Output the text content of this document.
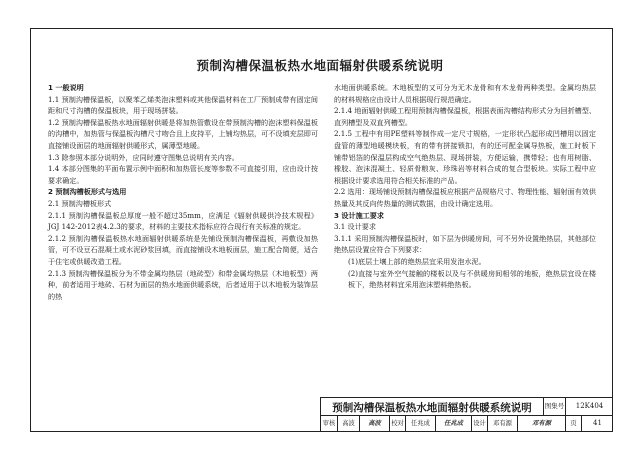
预制沟槽保温板热水地面辐射供暖系统说明

1 一般说明

1.1 预制沟槽保温板，以聚苯乙烯类泡沫塑料或其他保温材料在工厂预制成带有固定间距和尺寸沟槽的保温板块，用于现场拼装。

1.2 预制沟槽保温板热水地面辐射供暖是将加热管敷设在带预制沟槽的泡沫塑料保温板的沟槽中，加热管与保温板沟槽尺寸吻合且上皮持平，上铺均热层，可不设填充层即可直接铺设面层的地面辐射供暖形式，属薄型地暖。

1.3 除参照本部分说明外，应同时遵守图集总说明有关内容。

1.4 本部分图集的平面布置示例中面积和加热管长度等参数不可直接引用，应由设计按要求确定。

2 预制沟槽板形式与选用

2.1 预制沟槽板形式

2.1.1 预制沟槽保温板总厚度一般不超过35mm，应满足《辐射供暖供冷技术规程》JGJ 142-2012表4.2.3的要求，材料的主要技术指标应符合现行有关标准的规定。

2.1.2 预制沟槽保温板热水地面辐射供暖系统是先铺设预制沟槽保温板，再敷设加热管，可不设豆石混凝土或水泥砂浆回填，而直接铺设木地板面层，施工配合简便，适合于住宅或供暖改造工程。

2.1.3 预制沟槽保温板分为不带金属均热层（地砖型）和带金属均热层（木地板型）两种，前者适用于地砖、石材为面层的热水地面供暖系统，后者适用于以木地板为装饰层的热

水地面供暖系统。木地板型的又可分为无木龙骨和有木龙骨两种类型。金属均热层的材料规格应由设计人员根据现行规范确定。

2.1.4 地面辐射供暖工程用预制沟槽保温板，根据表面沟槽结构形式分为回折槽型、直列槽型及双直列槽型。

2.1.5 工程中有用PE塑料等制作成一定尺寸规格，一定形状凸起形成凹槽用以固定盘管的薄型地暖模块板，有的带有拼接锁扣，有的还可配金属导热板，施工时板下铺带铝箔的保温层构成空气绝热层、现场拼装，方便运输，携带轻；也有用树脂、橡胶、泡沫混凝土、轻质骨粮灰、珍珠岩等材料合成的复合型板块。实际工程中应根据设计要求选用符合相关标准的产品。

2.2 选用：现场铺设预制沟槽保温板应根据产品规格尺寸、物理性能、辐射面有效供热量及其反向传热量的测试数据，由设计确定选用。

3 设计施工要求

3.1 设计要求

3.1.1 采用预制沟槽保温板时，如下层为供暖房间，可不另外设置绝热层，其他部位绝热层设置应符合下列要求：

(1)底层土壤上部的绝热层宜采用发泡水泥。

(2)直接与室外空气接触的楼板以及与不供暖房间相邻的地板，绝热层宜设在楼板下，绝热材料宜采用泡沫塑料绝热板。

预制沟槽保温板热水地面辐射供暖系统说明	图集号	12K404
审核	高波	高波	校对	任兆成	任兆成	设计	邓有源	邓有源	页	41
